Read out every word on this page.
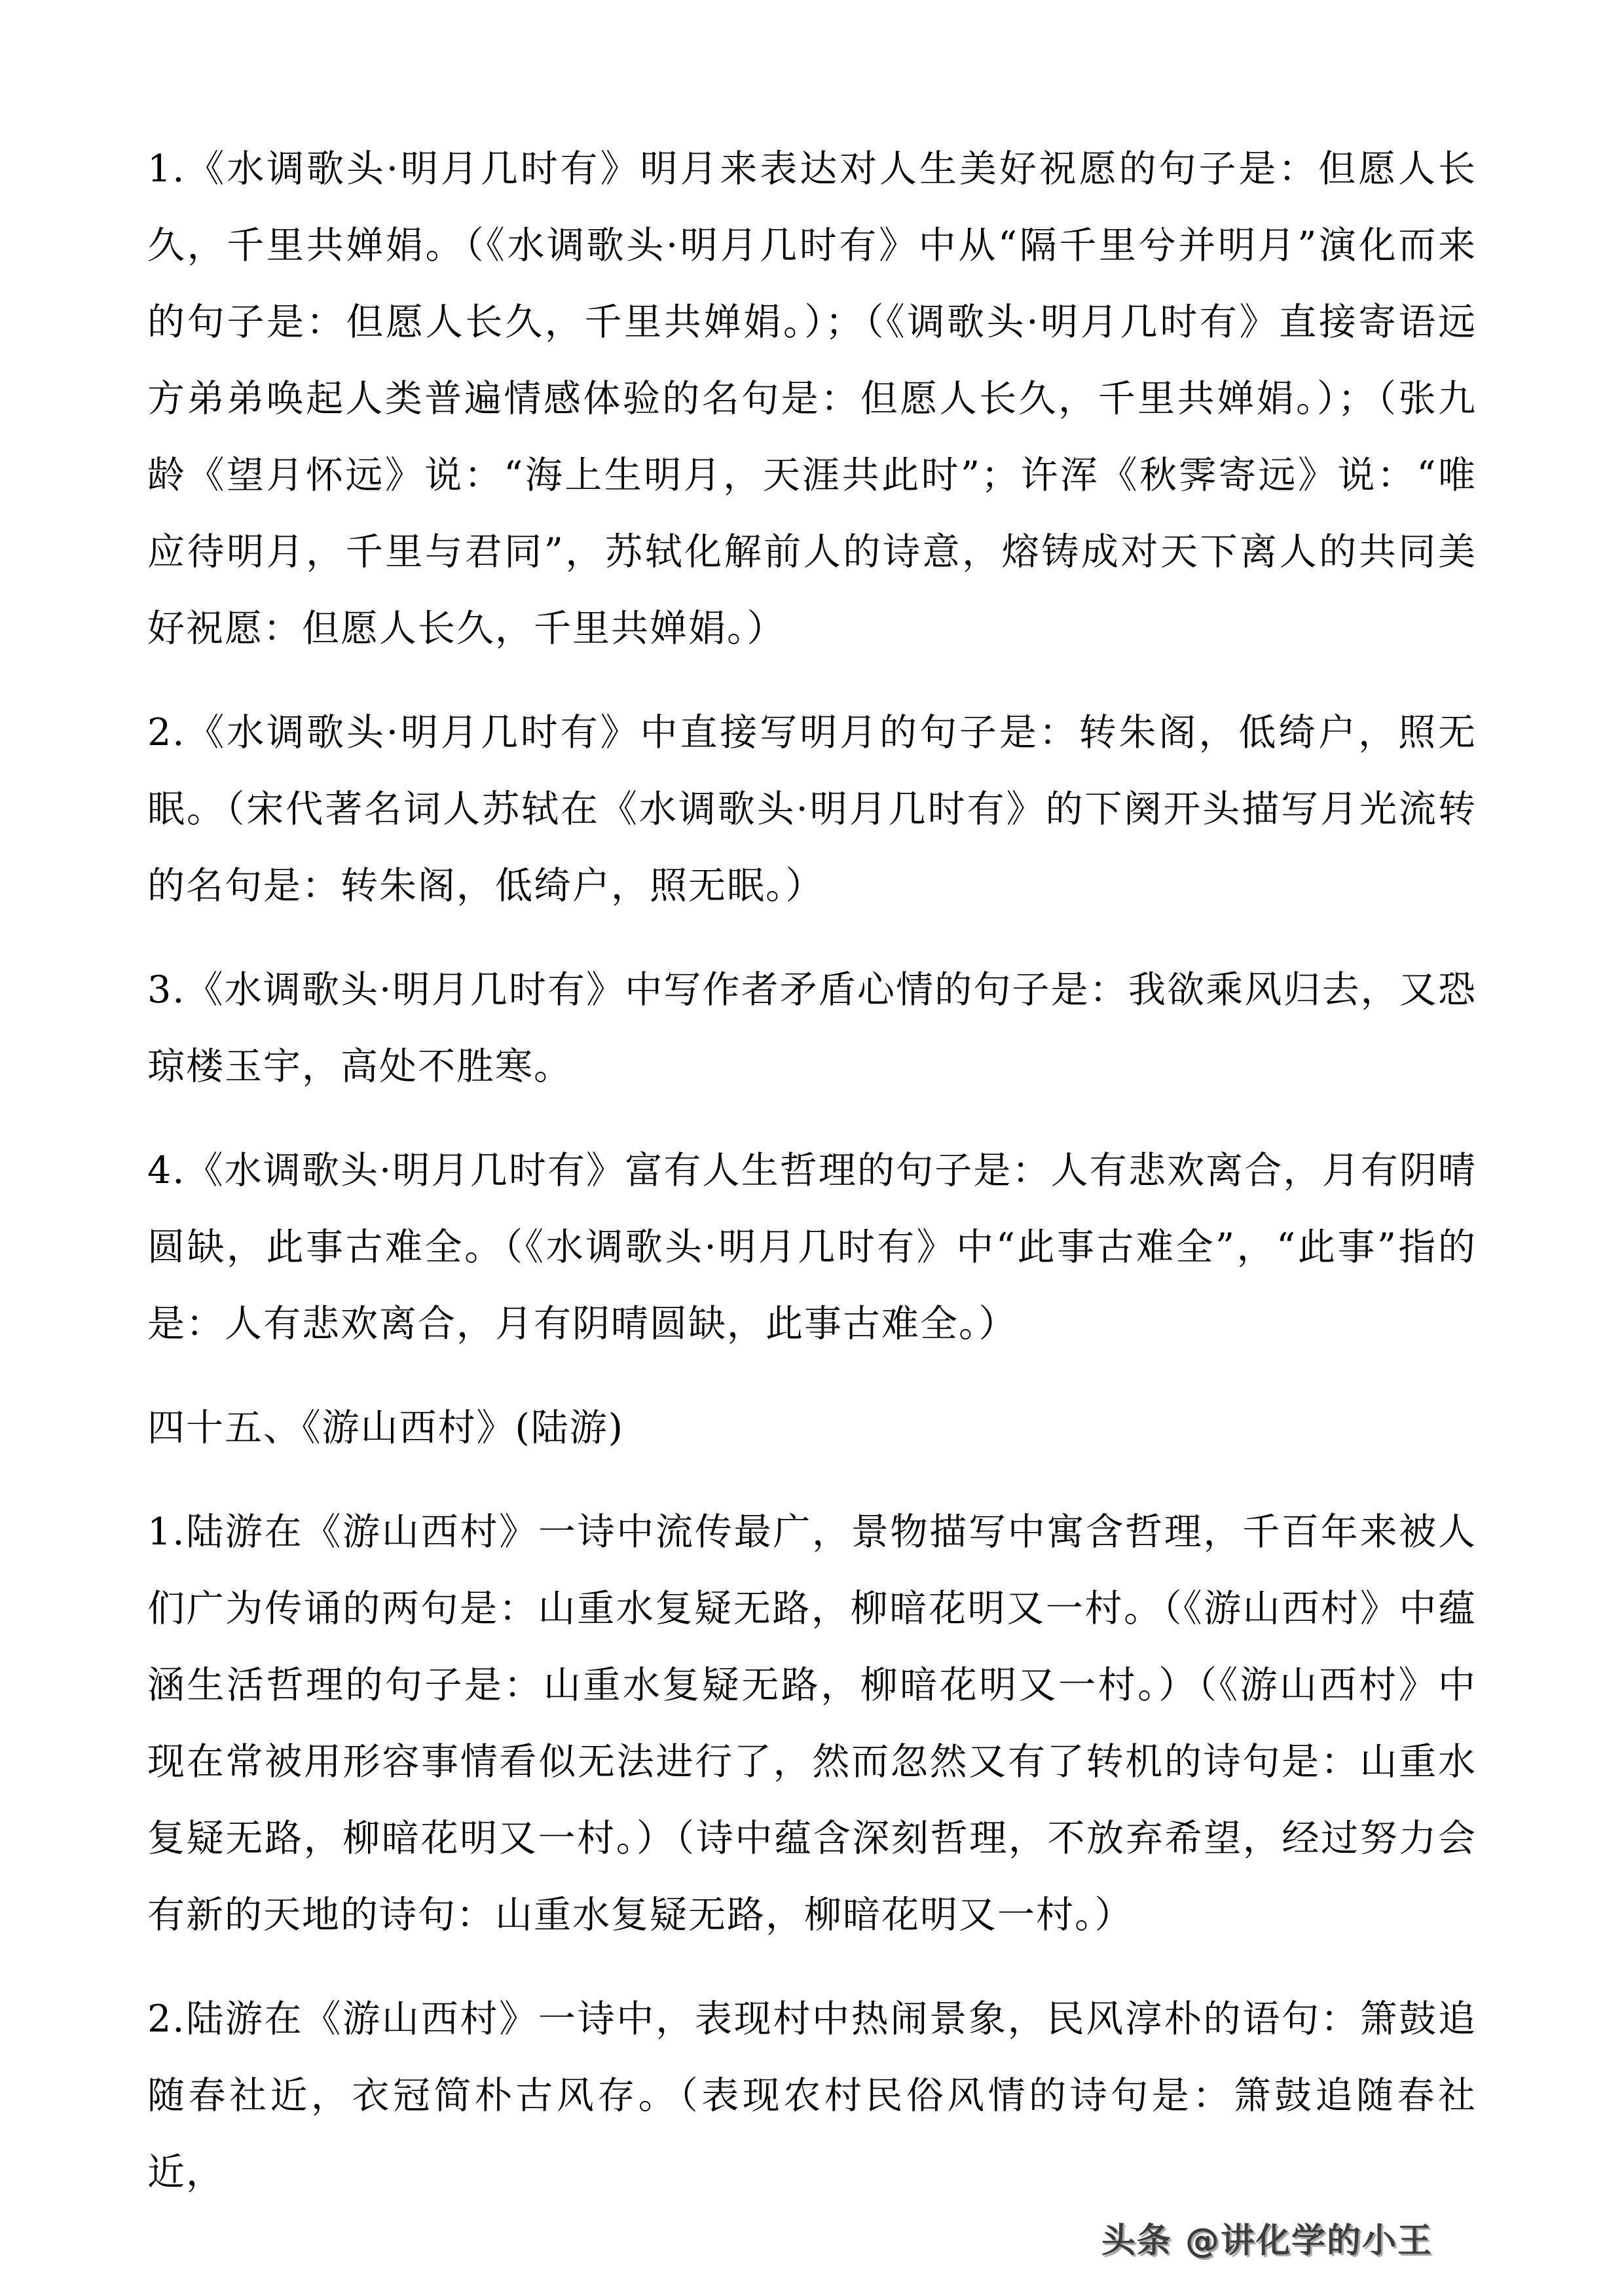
1.《水调歌头·明月几时有》明月来表达对人生美好祝愿的句子是：但愿人长久，千里共婵娟。（《水调歌头·明月几时有》中从“隔千里兮并明月”演化而来的句子是：但愿人长久，千里共婵娟。）；（《调歌头·明月几时有》直接寄语远方弟弟唤起人类普遍情感体验的名句是：但愿人长久，千里共婵娟。）；（张九龄《望月怀远》说：“海上生明月，天涯共此时”；许浑《秋霁寄远》说：“唯应待明月，千里与君同”，苏轼化解前人的诗意，熔铸成对天下离人的共同美好祝愿：但愿人长久，千里共婵娟。）

2.《水调歌头·明月几时有》中直接写明月的句子是：转朱阁，低绮户，照无眠。（宋代著名词人苏轼在《水调歌头·明月几时有》的下阕开头描写月光流转的名句是：转朱阁，低绮户，照无眠。）

3.《水调歌头·明月几时有》中写作者矛盾心情的句子是：我欲乘风归去，又恐琼楼玉宇，高处不胜寒。

4.《水调歌头·明月几时有》富有人生哲理的句子是：人有悲欢离合，月有阴晴圆缺，此事古难全。（《水调歌头·明月几时有》中“此事古难全”，“此事”指的是：人有悲欢离合，月有阴晴圆缺，此事古难全。）

四十五、《游山西村》(陆游)

1.陆游在《游山西村》一诗中流传最广，景物描写中寓含哲理，千百年来被人们广为传诵的两句是：山重水复疑无路，柳暗花明又一村。（《游山西村》中蕴涵生活哲理的句子是：山重水复疑无路，柳暗花明又一村。）（《游山西村》中现在常被用形容事情看似无法进行了，然而忽然又有了转机的诗句是：山重水复疑无路，柳暗花明又一村。）（诗中蕴含深刻哲理，不放弃希望，经过努力会有新的天地的诗句：山重水复疑无路，柳暗花明又一村。）

2.陆游在《游山西村》一诗中，表现村中热闹景象，民风淳朴的语句：箫鼓追随春社近，衣冠简朴古风存。（表现农村民俗风情的诗句是：箫鼓追随春社近，

头条 @讲化学的小王
